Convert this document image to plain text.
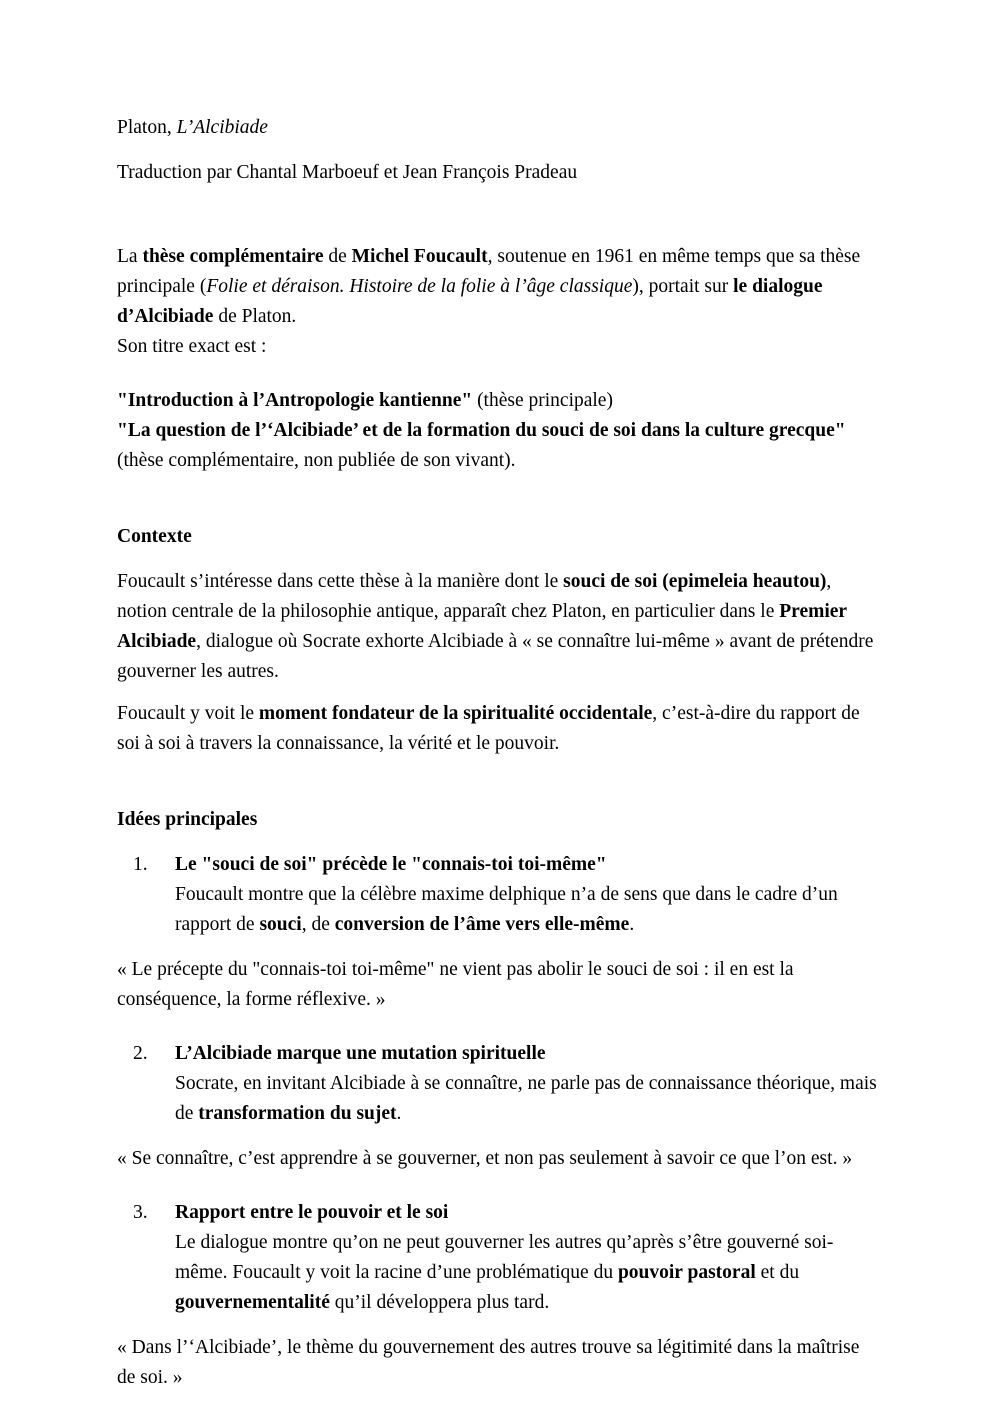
Platon, L’Alcibiade

Traduction par Chantal Marboeuf et Jean François Pradeau

La thèse complémentaire de Michel Foucault, soutenue en 1961 en même temps que sa thèse principale (Folie et déraison. Histoire de la folie à l’âge classique), portait sur le dialogue d’Alcibiade de Platon.

Son titre exact est :

"Introduction à l’Antropologie kantienne" (thèse principale)

"La question de l’‘Alcibiade’ et de la formation du souci de soi dans la culture grecque"

(thèse complémentaire, non publiée de son vivant).

Contexte

Foucault s’intéresse dans cette thèse à la manière dont le souci de soi (epimeleia heautou), notion centrale de la philosophie antique, apparaît chez Platon, en particulier dans le Premier Alcibiade, dialogue où Socrate exhorte Alcibiade à « se connaître lui-même » avant de prétendre gouverner les autres.

Foucault y voit le moment fondateur de la spiritualité occidentale, c’est-à-dire du rapport de soi à soi à travers la connaissance, la vérité et le pouvoir.

Idées principales
1.	Le "souci de soi" précède le "connais-toi toi-même"
Foucault montre que la célèbre maxime delphique n’a de sens que dans le cadre d’un rapport de souci, de conversion de l’âme vers elle-même.

« Le précepte du "connais-toi toi-même" ne vient pas abolir le souci de soi : il en est la conséquence, la forme réflexive. »

2.	L’Alcibiade marque une mutation spirituelle
Socrate, en invitant Alcibiade à se connaître, ne parle pas de connaissance théorique, mais de transformation du sujet.

« Se connaître, c’est apprendre à se gouverner, et non pas seulement à savoir ce que l’on est. »

3.	Rapport entre le pouvoir et le soi
Le dialogue montre qu’on ne peut gouverner les autres qu’après s’être gouverné soi-même. Foucault y voit la racine d’une problématique du pouvoir pastoral et du gouvernementalité qu’il développera plus tard.

« Dans l’‘Alcibiade’, le thème du gouvernement des autres trouve sa légitimité dans la maîtrise de soi. »
